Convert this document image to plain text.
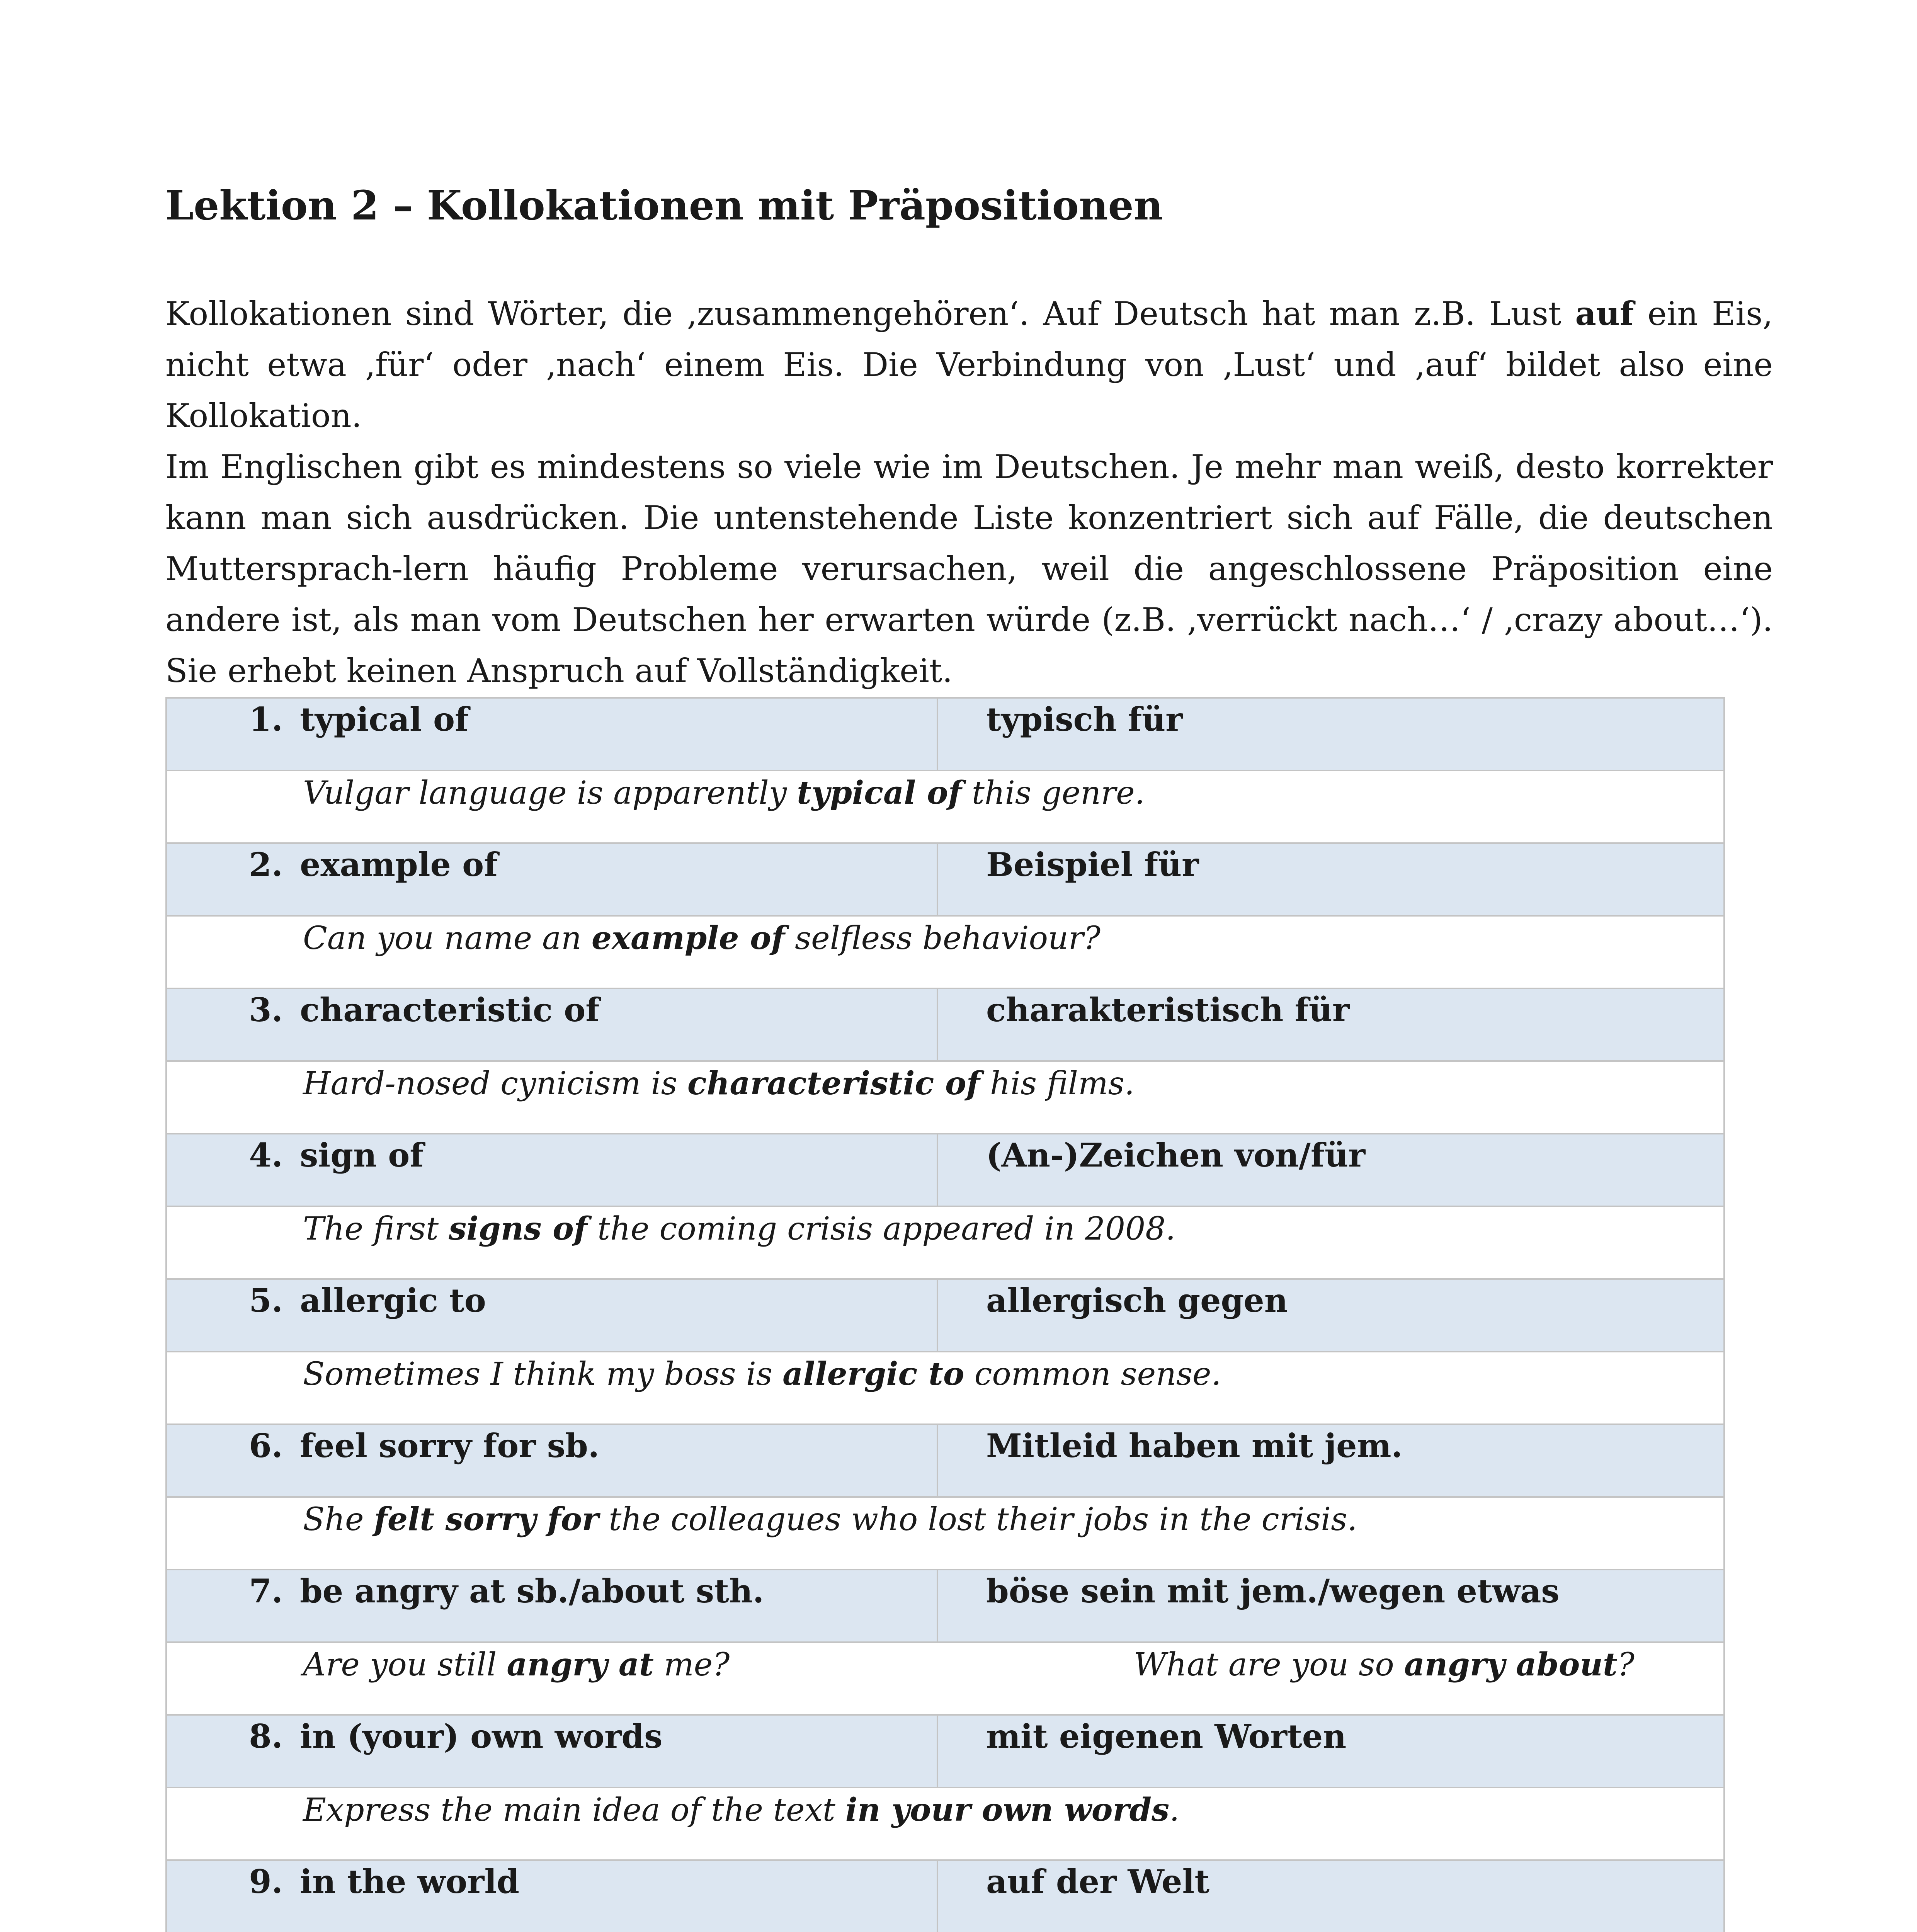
Lektion 2 – Kollokationen mit Präpositionen

Kollokationen sind Wörter, die ‚zusammengehören‘. Auf Deutsch hat man z.B. Lust auf ein Eis, nicht etwa ‚für‘ oder ‚nach‘ einem Eis. Die Verbindung von ‚Lust‘ und ‚auf‘ bildet also eine Kollokation.

Im Englischen gibt es mindestens so viele wie im Deutschen. Je mehr man weiß, desto korrekter kann man sich ausdrücken. Die untenstehende Liste konzentriert sich auf Fälle, die deutschen Muttersprach-lern häufig Probleme verursachen, weil die angeschlossene Präposition eine andere ist, als man vom Deutschen her erwarten würde (z.B. ‚verrückt nach…‘ / ‚crazy about…‘). Sie erhebt keinen Anspruch auf Vollständigkeit.

1. typical of	typisch für
Vulgar language is apparently typical of this genre.	
2. example of	Beispiel für
Can you name an example of selfless behaviour?	
3. characteristic of	charakteristisch für
Hard-nosed cynicism is characteristic of his films.	
4. sign of	(An-)Zeichen von/für
The first signs of the coming crisis appeared in 2008.	
5. allergic to	allergisch gegen
Sometimes I think my boss is allergic to common sense.	
6. feel sorry for sb.	Mitleid haben mit jem.
She felt sorry for the colleagues who lost their jobs in the crisis.	
7. be angry at sb./about sth.	böse sein mit jem./wegen etwas
Are you still angry at me? What are you so angry about?	
8. in (your) own words	mit eigenen Worten
Express the main idea of the text in your own words.	
9. in the world	auf der Welt
